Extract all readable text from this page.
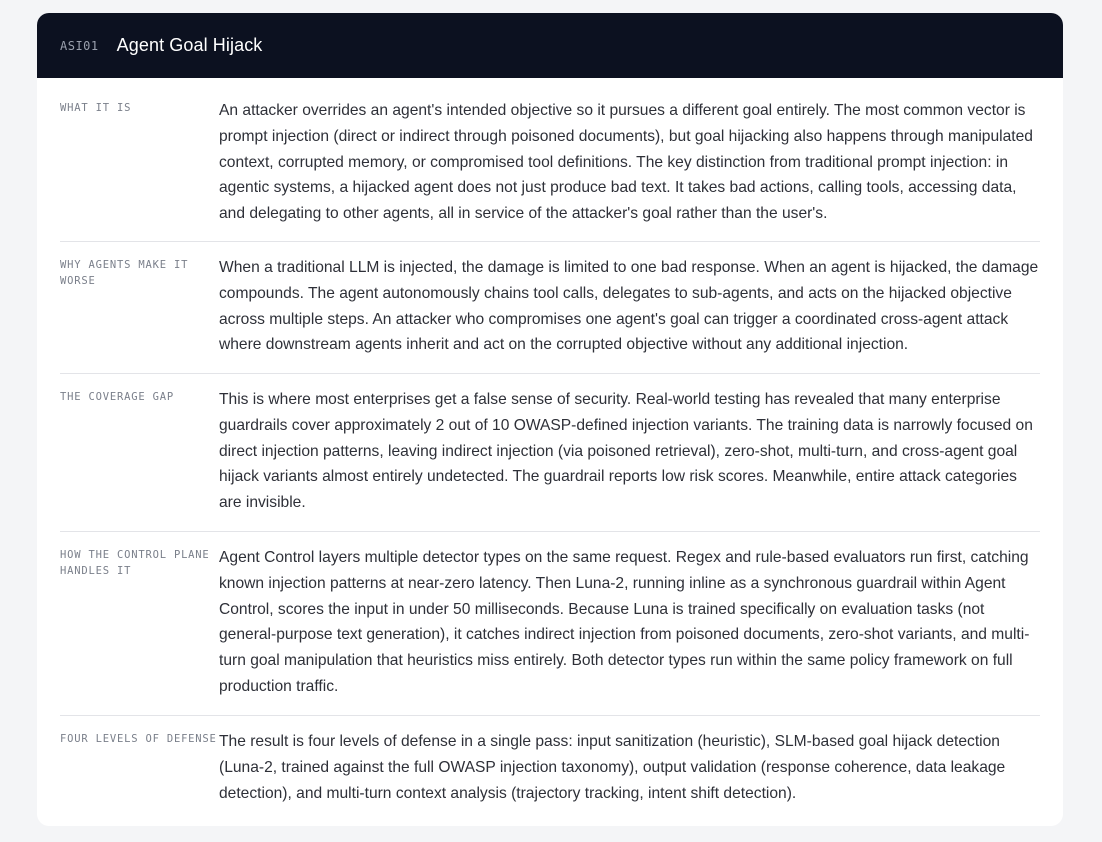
ASI01 Agent Goal Hijack
WHAT IT IS	An attacker overrides an agent's intended objective so it pursues a different goal entirely. The most common vector is prompt injection (direct or indirect through poisoned documents), but goal hijacking also happens through manipulated context, corrupted memory, or compromised tool definitions. The key distinction from traditional prompt injection: in agentic systems, a hijacked agent does not just produce bad text. It takes bad actions, calling tools, accessing data, and delegating to other agents, all in service of the attacker's goal rather than the user's.
WHY AGENTS MAKE IT WORSE
When a traditional LLM is injected, the damage is limited to one bad response. When an agent is hijacked, the damage compounds. The agent autonomously chains tool calls, delegates to sub-agents, and acts on the hijacked objective across multiple steps. An attacker who compromises one agent's goal can trigger a coordinated cross-agent attack where downstream agents inherit and act on the corrupted objective without any additional injection.
THE COVERAGE GAP	This is where most enterprises get a false sense of security. Real-world testing has revealed that many enterprise guardrails cover approximately 2 out of 10 OWASP-defined injection variants. The training data is narrowly focused on direct injection patterns, leaving indirect injection (via poisoned retrieval), zero-shot, multi-turn, and cross-agent goal hijack variants almost entirely undetected. The guardrail reports low risk scores. Meanwhile, entire attack categories are invisible.
HOW THE CONTROL PLANE HANDLES IT
Agent Control layers multiple detector types on the same request. Regex and rule-based evaluators run first, catching known injection patterns at near-zero latency. Then Luna-2, running inline as a synchronous guardrail within Agent Control, scores the input in under 50 milliseconds. Because Luna is trained specifically on evaluation tasks (not general-purpose text generation), it catches indirect injection from poisoned documents, zero-shot variants, and multi-turn goal manipulation that heuristics miss entirely. Both detector types run within the same policy framework on full production traffic.
FOUR LEVELS OF DEFENSE The result is four levels of defense in a single pass: input sanitization (heuristic), SLM-based goal hijack detection (Luna-2, trained against the full OWASP injection taxonomy), output validation (response coherence, data leakage detection), and multi-turn context analysis (trajectory tracking, intent shift detection).
